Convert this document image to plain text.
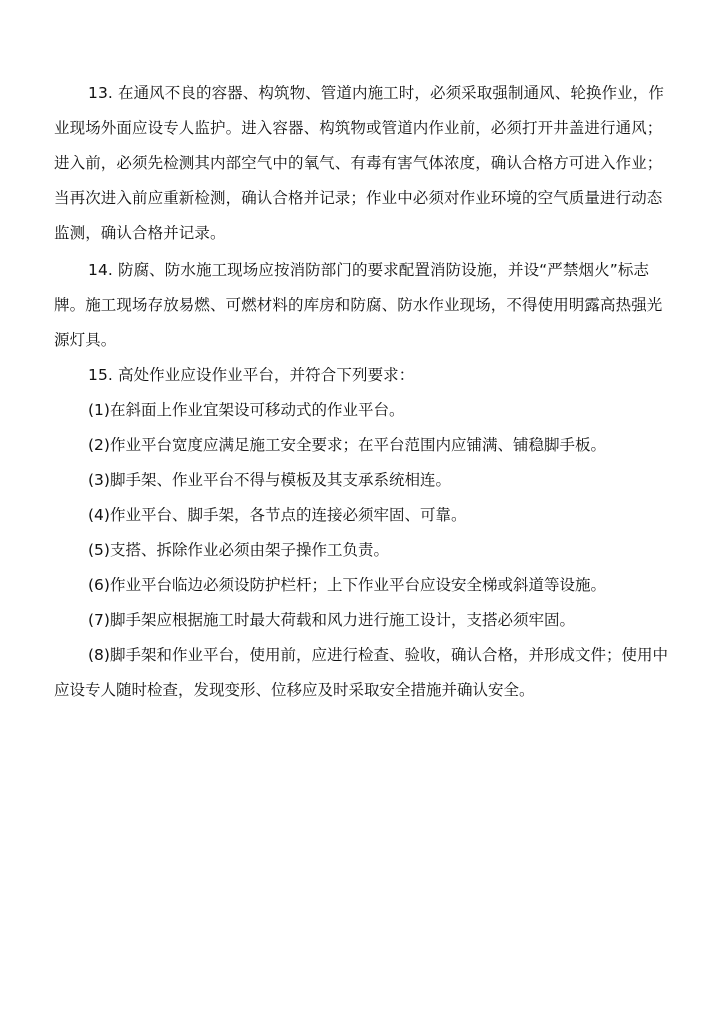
13. 在通风不良的容器、构筑物、管道内施工时，必须采取强制通风、轮换作业，作业现场外面应设专人监护。进入容器、构筑物或管道内作业前，必须打开井盖进行通风；进入前，必须先检测其内部空气中的氧气、有毒有害气体浓度，确认合格方可进入作业；当再次进入前应重新检测，确认合格并记录；作业中必须对作业环境的空气质量进行动态监测，确认合格并记录。

14. 防腐、防水施工现场应按消防部门的要求配置消防设施，并设“严禁烟火”标志牌。施工现场存放易燃、可燃材料的库房和防腐、防水作业现场，不得使用明露高热强光源灯具。

15. 高处作业应设作业平台，并符合下列要求：

(1)在斜面上作业宜架设可移动式的作业平台。

(2)作业平台宽度应满足施工安全要求；在平台范围内应铺满、铺稳脚手板。

(3)脚手架、作业平台不得与模板及其支承系统相连。

(4)作业平台、脚手架，各节点的连接必须牢固、可靠。

(5)支搭、拆除作业必须由架子操作工负责。

(6)作业平台临边必须设防护栏杆；上下作业平台应设安全梯或斜道等设施。

(7)脚手架应根据施工时最大荷载和风力进行施工设计，支搭必须牢固。

(8)脚手架和作业平台，使用前，应进行检查、验收，确认合格，并形成文件；使用中应设专人随时检查，发现变形、位移应及时采取安全措施并确认安全。
